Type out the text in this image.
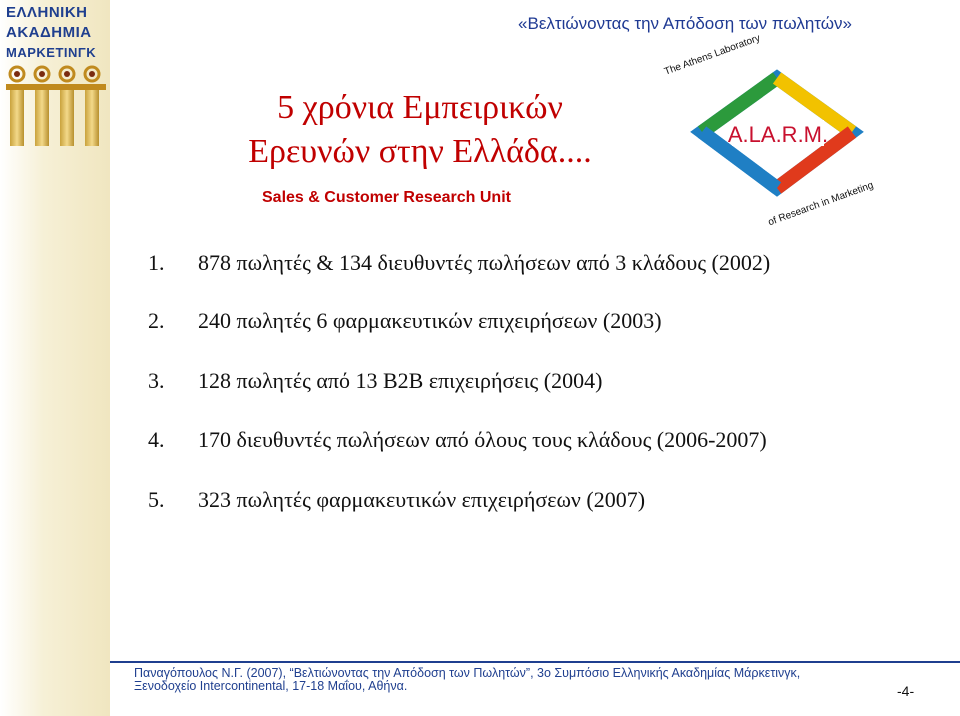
ΕΛΛΗΝΙΚΗ
ΑΚΑΔΗΜΙΑ
ΜΑΡΚΕΤΙΝΓΚ
«Βελτιώνοντας την Απόδοση των πωλητών»
5 χρόνια Εμπειρικών
Ερευνών στην Ελλάδα....
Sales & Customer Research Unit
A.LA.R.M.
The Athens Laboratory
of Research in Marketing
1. 878 πωλητές & 134 διευθυντές πωλήσεων από 3 κλάδους (2002)
2. 240 πωλητές 6 φαρμακευτικών επιχειρήσεων (2003)
3. 128 πωλητές από 13 B2B επιχειρήσεις (2004)
4. 170 διευθυντές πωλήσεων από όλους τους κλάδους (2006-2007)
5. 323 πωλητές φαρμακευτικών επιχειρήσεων (2007)
Παναγόπουλος Ν.Γ. (2007), “Βελτιώνοντας την Απόδοση των Πωλητών”, 3ο Συμπόσιο Ελληνικής Ακαδημίας Μάρκετινγκ, Ξενοδοχείο Intercontinental, 17-18 Μαΐου, Αθήνα.	-4-
